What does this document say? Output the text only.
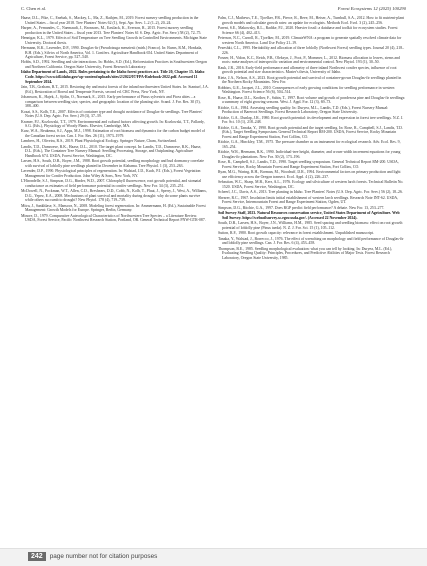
C. Chen et al.	Forest Ecosystems 12 (2025) 100290

Haase, D.L., Pike, C., Enebak, S., Mackey, L., Ma, Z., Rathjen, M., 2019. Forest nursery seedling production in the United States – fiscal year 2018. Tree Planters' Notes 62 (1), Sept. Apr. Serv. 1–2 (1–2), 20–24.

Harper, A., Fernandes, C., Naemaudi, J., Bronsons, M., Eastlack, K., Everson, R., 2015. Forest nursery seedling production in the United States – fiscal year 2013. Tree Planters' Notes 61 S. Dep. Agric. For. Serv.) 58 (2), 72–75.

Hennigar, K.L., 1979. Effects of Soil Temperature on Tree Seedling Growth in Controlled Environments. Michigan State University. Doctoral thesis.

Hermann, R.K., Lavender, D.P., 1990. Douglas-fir (Pseudotsuga menziesii (mirb.) Franco). In: Burns, R.M., Honkala, B.H. (Eds.), Silvics of North America, Vol. 1. Conifers. Agriculture Handbook 654. United States Department of Agriculture, Forest Service, pp. 527–540.

Hobbs, S.D., 1992. Seedling and site interactions. In: Hobbs, S.D. (Ed.), Reforestation Practices in Southwestern Oregon and Northern California. Oregon State University, Forest Research Laboratory.

Idaho Department of Lands, 2022. Rules pertaining to the Idaho forest practices act. Title 20, Chapter 15. Idaho Code. https://www.idl.idaho.gov/wp-content/uploads/sites/2/2022/07/FPA-Rulebook-2022.pdf. Accessed 11 September 2024.

Jain, T.B., Graham, R.T., 2015. Restoring dry and moist forests of the inland northwestern United States. In: Stanturf, J.A. (Ed.), Restoration of Boreal and Temperate Forests, second ed. CRC Press, New York, NY.

Johansson, K., Hajek, J., Sjölin, O., Normark, E., 2015. Early performance of Pinus sylvestris and Picea abies – a comparison between seedling size, species, and geographic location of the planting site. Scand. J. For. Res. 30 (5), 388–400.

Kozai, S.S., Kolb, T.E., 2007. Effects of container type and drought avoidance of Douglas-fir seedlings. Tree Planters' Notes (U.S. Dep. Agric. For. Serv.) 29 (3), 37–39.

Kramer, P.J., Kozlowski, T.T., 1979. Environmental and cultural factors affecting growth. In: Kozlowski, T.T., Pallardy, S.G. (Eds.), Physiology of Woody Plants. Elsevier, Cambridge, MA.

Kurz, W.A., Beukema, S.J., Apps, M.J., 1998. Estimation of root biomass and dynamics for the carbon budget model of the Canadian forest sector. Can. J. For. Res. 26 (11), 1973–1979.

Lambers, H., Oliveira, R.S., 2019. Plant Physiological Ecology. Springer Nature, Cham, Switzerland.

Landis, T.D., Dumroese, R.K., Haase, D.L., 2010. The target plant concept. In: Landis, T.D., Dumroese, R.K., Haase, D.L. (Eds.), The Container Tree Nursery Manual: Seedling Processing, Storage, and Outplanting. Agriculture Handbook 674. USDA, Forest Service, Washington, DC.

Larsen, H.S., South, D.B., Boyer, J.M., 1988. Root growth potential, seedling morphology and bud dormancy correlate with survival of loblolly pine seedlings planted in December in Alabama. Tree Physiol. 1 (3), 253–263.

Lavender, D.P., 1990. Physiological principles of regeneration. In: Walstad, J.D., Kuch, P.J. (Eds.), Forest Vegetation Management for Conifer Production. John Wiley & Sons, New York, NY.

L'Hirondelle, S.J., Simpson, D.G., Binder, W.D., 2007. Chlorophyll fluorescence, root growth potential, and stomatal conductance as estimates of field performance potential in conifer seedlings. New For. 34 (3), 235–251.

McDowell, N., Pockman, W.T., Allen, C.D., Breshears, D.D., Cobb, N., Kolb, T., Plaut, J., Sperry, J., West, A., Williams, D.G., Yepez, E.A., 2008. Mechanisms of plant survival and mortality during drought: why do some plants survive while others succumb to drought? New Phytol. 178 (4), 719–739.

Mitra, J., Sankhlase, S., Mansoor, N., 2008. Modeling forest regeneration. In: Ammermann, H. (Ed.), Sustainable Forest Management: Growth Models for Europe. Springer, Berlin, Germany.

Minore, D., 1979. Comparative Autecological Characteristics of Northwestern Tree Species – a Literature Review. USDA, Forest Service, Pacific Northwest Research Station, Portland, OR. General Technical Report PNW-GTR-087.

Palm, C.J., Mathews, T.E., Tjoelker, P.R., Pierce, R., Beee, M., Heiser, A., Turnbull, S.A., 2012. How to fit nutrient-plant growth models and calculate growth rates: an update for ecologists. Methods Ecol. Evol. 3 (2), 245–256.

Parent, S.E., Makowsky, R.L., Radtke, P.J., 2020. Heavier fossil: a database and toolkit for ecosystem studies. Forest Science 66 (4), 402–413.

Peterson, N.C., Carroll, R., Tjoelker, M., 2019. ClimateWNA: a program to generate spatially resolved climate data for western North America. Land Use Policy 21–19.

Pezeshki, C.L., 1995. Heritability and allocation of three loblolly (Northwest Forest) seedling types. Journal 20 (4), 218–226.

Posner, H., Vidon, K.C., Reich, P.B., Oleksyn, J., Poot, P., Mommer, L., 2012. Biomass allocation to leaves, stems and roots: meta-analyses of interspecific variation and environmental control. New Phytol. 193 (1), 30–50.

Rauk, J.R., 2016. Early-field performance and allometry of three inland Northwest conifer species, influence of root growth potential and size characteristics. Master's thesis, University of Idaho.

Rietz, J.A., Nelson, A.S., 2023. Root growth potential and survival of container-grown Douglas-fir seedlings planted in the Northern Rocky Mountains. New For.

Robbins, G.E., Jacquet, J.L., 2010. Consequences of early growing conditions for seedling performance in western Washington. Forest Science 56 (6), 504–514.

Rose, R., Haase, D.L., Kroiher, F., Sabin, T., 1997. Root volume and growth of ponderosa pine and Douglas-fir seedlings: a summary of eight growing seasons. West. J. Appl. For. 12 (3), 69–73.

Ritchie, G.A., 1984. Assessing seedling quality. In: Duryea, M.L., Landis, T.D. (Eds.), Forest Nursery Manual: Production of Bareroot Seedlings. Forest Research Laboratory, Oregon State University.

Ritchie, G.A., Dunlap, J.R., 1980. Root growth potential: its development and expression in forest tree seedlings. N.Z. J. For. Sci. 10 (1), 218–248.

Ritchie, G.A., Tanaka, Y., 1990. Root growth potential and the target seedling. In: Rose, R., Campbell, S.J., Landis, T.D. (Eds.), Target Seedling Symposium. General Technical Report RM-200. USDA, Forest Service, Rocky Mountain Forest and Range Experiment Station, Fort Collins, CO.

Ritchie, G.A., Hinckley, T.M., 1975. The pressure chamber as an instrument for ecological research. Adv. Ecol. Res. 9, 165–254.

Ritchie, W.R., Hermann, R.K., 1990. Individual-tree height, diameter, and crown-width increment equations for young Douglas-fir plantations. New For. 30 (2), 173–196.

Rose, R., Campbell, S.J., Landis, T.D., 1990. Target seedling symposium. General Technical Report RM-200. USDA, Forest Service, Rocky Mountain Forest and Range Experiment Station, Fort Collins, CO.

Ryan, M.G., Waring, R.H., Borman, M., Woodruff, D.R., 1994. Environmental factors on primary production and light use efficiency across the Oregon transect. Ecol. Appl. 4 (2), 226–237.

Sebastian, W.C., Sharp, M.B., Kerr, A.L., 1976. Ecology and silviculture of western larch forests. Technical Bulletin No. 1520. USDA, Forest Service, Washington, DC.

Scheerl, J.C., Davis, A.S., 2013. Tree planting in Idaho. Tree Planters' Notes (U.S. Dep. Agric. For. Serv.) 56 (2), 18–26.

Shearer, R.C., 1967. Insolation limits initial establishment of western larch seedlings. Research Note INT-62. USDA, Forest Service, Intermountain Forest and Range Experiment Station, Ogden, UT.

Simpson, D.G., Ritchie, G.A., 1997. Does RGP predict field performance? A debate. New For. 13, 253–277.

Soil Survey Staff, 2023. Natural Resources conservation service, United States Department of Agriculture. Web Soil Survey. https://websoilsurvey.sc.egov.usda.gov/. (Accessed 22 November 2024).

South, D.B., Larsen, H.S., Boyer, J.N., Williams, H.M., 1985. Seed spacing and seedling biomass: effect on root growth potential of loblolly pine (Pinus taeda). N. Z. J. For. Sci. 15 (1), 105–112.

Sutton, R.F., 1980. Root growth capacity: relevance in forest establishment. Unpublished manuscript.

Tanaka, Y., Walstad, J., Borrecco, J., 1976. The effect of wrenching on morphology and field performance of Douglas-fir and loblolly pine seedlings. Can. J. For. Res. 6 (4), 453–458.

Thompson, B.E., 1985. Seedling morphological evaluation: what you can tell by looking. In: Duryea, M.L. (Ed.), Evaluating Seedling Quality: Principles, Procedures, and Predictive Abilities of Major Tests. Forest Research Laboratory, Oregon State University, 1985.

242	page number not for citation purposes
